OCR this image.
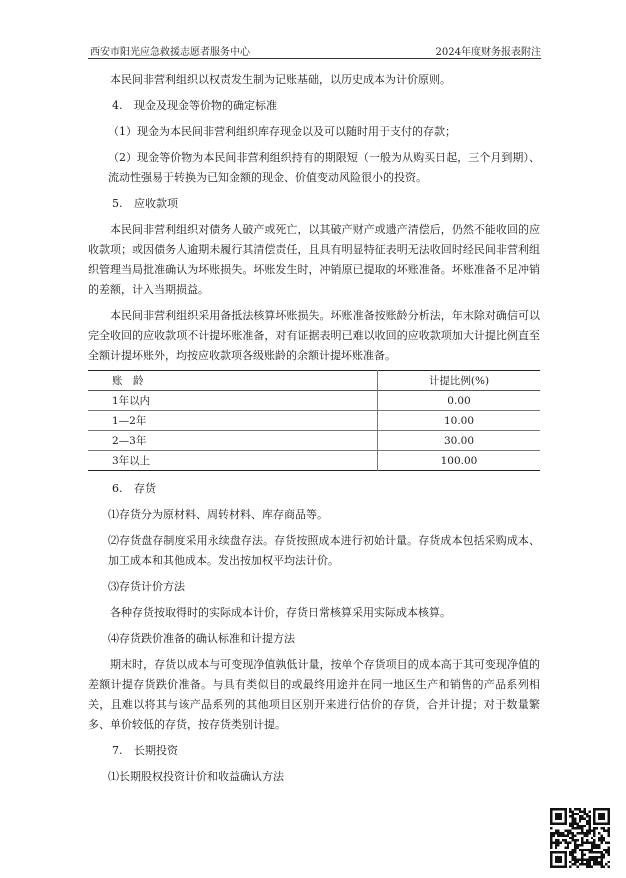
西安市阳光应急救援志愿者服务中心	2024年度财务报表附注

本民间非营利组织以权责发生制为记账基础，以历史成本为计价原则。

4. 现金及现金等价物的确定标准

（1）现金为本民间非营利组织库存现金以及可以随时用于支付的存款；

（2）现金等价物为本民间非营利组织持有的期限短（一般为从购买日起，三个月到期）、流动性强易于转换为已知金额的现金、价值变动风险很小的投资。

5. 应收款项

本民间非营利组织对债务人破产或死亡，以其破产财产或遗产清偿后，仍然不能收回的应收款项；或因债务人逾期未履行其清偿责任，且具有明显特征表明无法收回时经民间非营利组织管理当局批准确认为坏账损失。坏账发生时，冲销原已提取的坏账准备。坏账准备不足冲销的差额，计入当期损益。

本民间非营利组织采用备抵法核算坏账损失。坏账准备按账龄分析法，年末除对确信可以完全收回的应收款项不计提坏账准备，对有证据表明已难以收回的应收款项加大计提比例直至全额计提坏账外，均按应收款项各级账龄的余额计提坏账准备。

账　龄	计提比例(%)
1年以内	0.00
1—2年	10.00
2—3年	30.00
3年以上	100.00

6. 存货

⑴存货分为原材料、周转材料、库存商品等。

⑵存货盘存制度采用永续盘存法。存货按照成本进行初始计量。存货成本包括采购成本、加工成本和其他成本。发出按加权平均法计价。

⑶存货计价方法

各种存货按取得时的实际成本计价，存货日常核算采用实际成本核算。

⑷存货跌价准备的确认标准和计提方法

期末时，存货以成本与可变现净值孰低计量，按单个存货项目的成本高于其可变现净值的差额计提存货跌价准备。与具有类似目的或最终用途并在同一地区生产和销售的产品系列相关，且难以将其与该产品系列的其他项目区别开来进行估价的存货，合并计提；对于数量繁多、单价较低的存货，按存货类别计提。

7. 长期投资

⑴长期股权投资计价和收益确认方法
